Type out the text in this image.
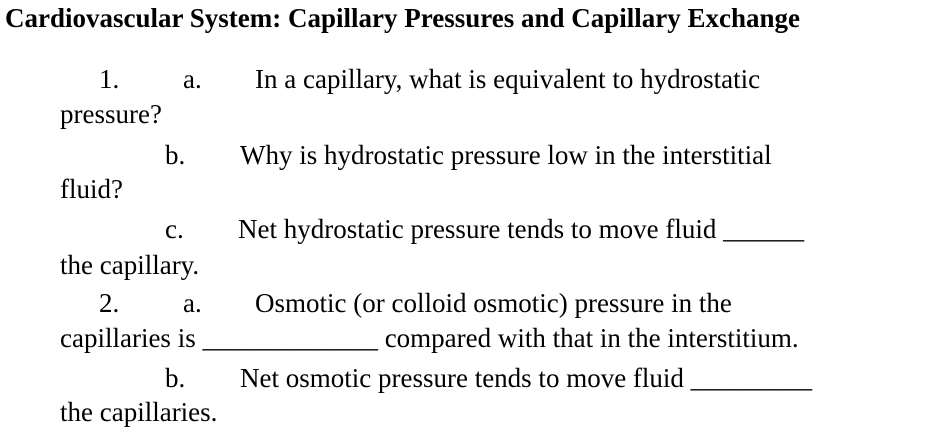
Cardiovascular System: Capillary Pressures and Capillary Exchange
1. a. In a capillary, what is equivalent to hydrostatic
pressure?
b. Why is hydrostatic pressure low in the interstitial
fluid?
c. Net hydrostatic pressure tends to move fluid ______
the capillary.
2. a. Osmotic (or colloid osmotic) pressure in the
capillaries is _____________ compared with that in the interstitium.
b. Net osmotic pressure tends to move fluid _________
the capillaries.
